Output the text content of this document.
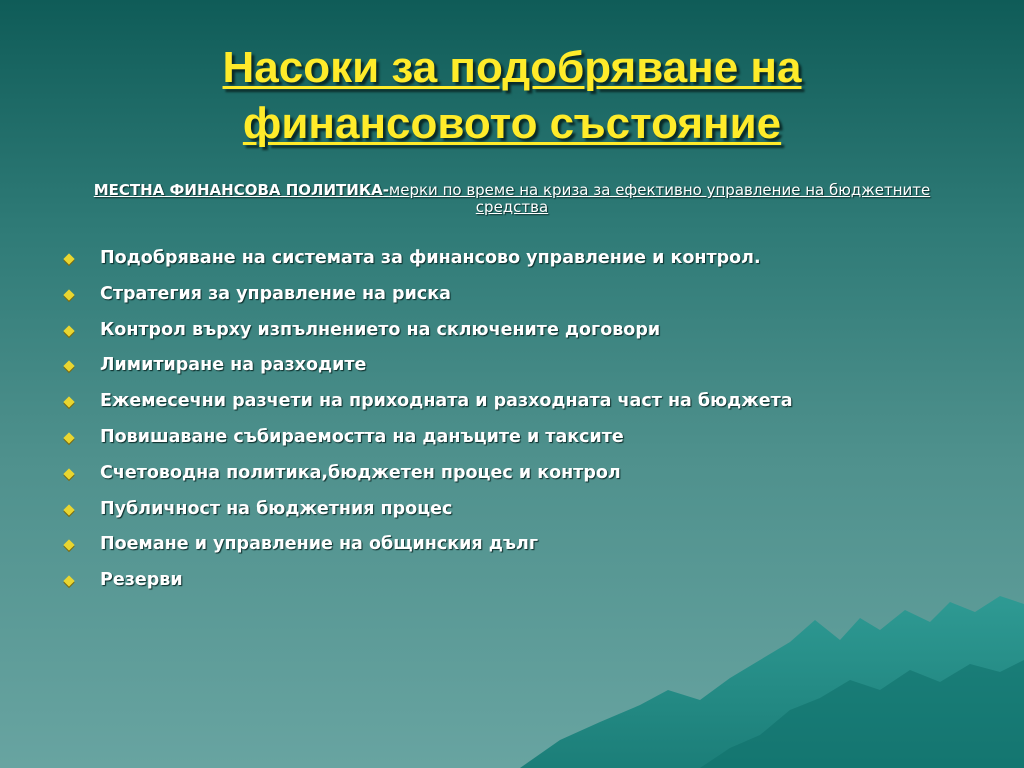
Насоки за подобряване на
финансовото състояние
МЕСТНА ФИНАНСОВА ПОЛИТИКА-мерки по време на криза за ефективно управление на бюджетните средства
Подобряване на системата за финансово управление и контрол.
Стратегия за управление на риска
Контрол върху изпълнението на сключените договори
Лимитиране на разходите
Ежемесечни разчети на приходната и разходната част на бюджета
Повишаване събираемостта на данъците и таксите
Счетоводна политика,бюджетен процес и контрол
Публичност на бюджетния процес
Поемане и управление на общинския дълг
Резерви
